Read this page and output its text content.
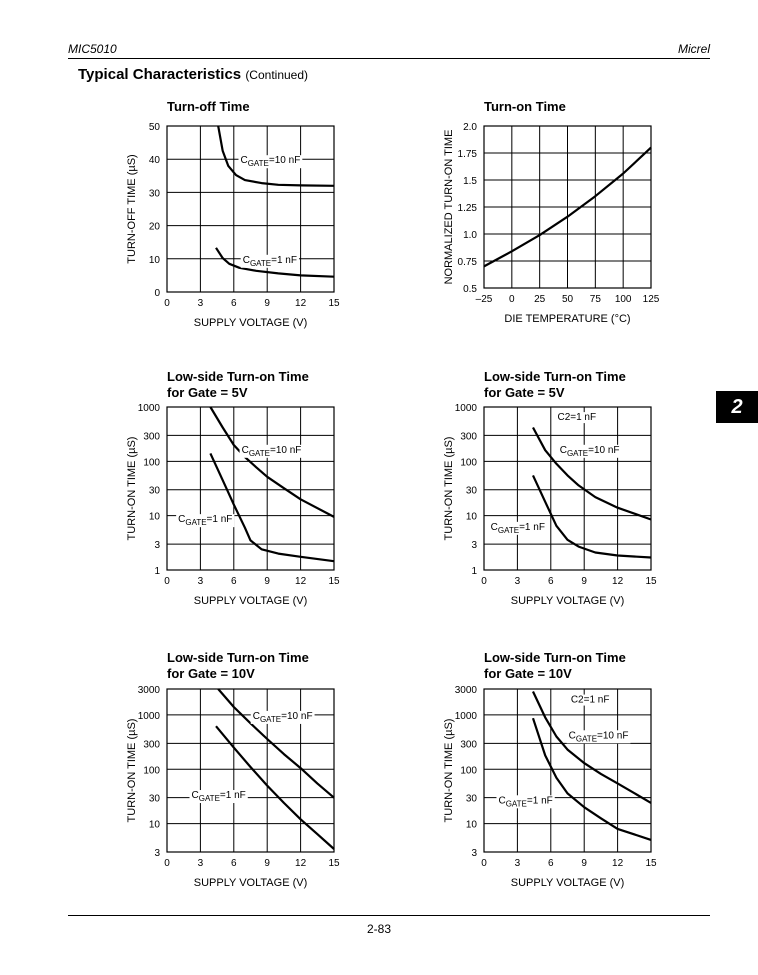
MIC5010	Micrel
Typical Characteristics (Continued)
2
Turn-off Time
0	3	6	9	12 15
0
10
20
30
40
50
SUPPLY VOLTAGE (V)
TURN-OFF TIME (µS)	$C_{GATE}=10$ nF
$C_{GATE}=1$ nF
Turn-on Time
–25 0 25 50 75 100 125
0.5
0.75
1.0
1.25
1.5
1.75
2.0
DIE TEMPERATURE (°C)
NORMALIZED TURN-ON TIME
Low-side Turn-on Time
for Gate = 5V
0	3	6	9	12 15
1
3
10
30
100
300
1000
SUPPLY VOLTAGE (V)
TURN-ON TIME (µS)	$C_{GATE}=10$ nF
$C_{GATE}=1$ nF
Low-side Turn-on Time
for Gate = 5V
0	3	6	9	12 15
1
3
10
30
100
300
1000
SUPPLY VOLTAGE (V)
TURN-ON TIME (µS)	$C_{GATE}=10$ nF
$C_{GATE}=1$ nF
C2=1 nF
Low-side Turn-on Time
for Gate = 10V
0	3	6	9	12 15
3
10
30
100
300
1000
3000
SUPPLY VOLTAGE (V)
TURN-ON TIME (µS)
$C_{GATE}=10$ nF
$C_{GATE}=1$ nF
Low-side Turn-on Time
for Gate = 10V
0	3	6	9	12 15
3
10
30
100
300
1000
3000
SUPPLY VOLTAGE (V)
TURN-ON TIME (µS)	$C_{GATE}=10$ nF
$C_{GATE}=1$ nF
C2=1 nF
2-83
